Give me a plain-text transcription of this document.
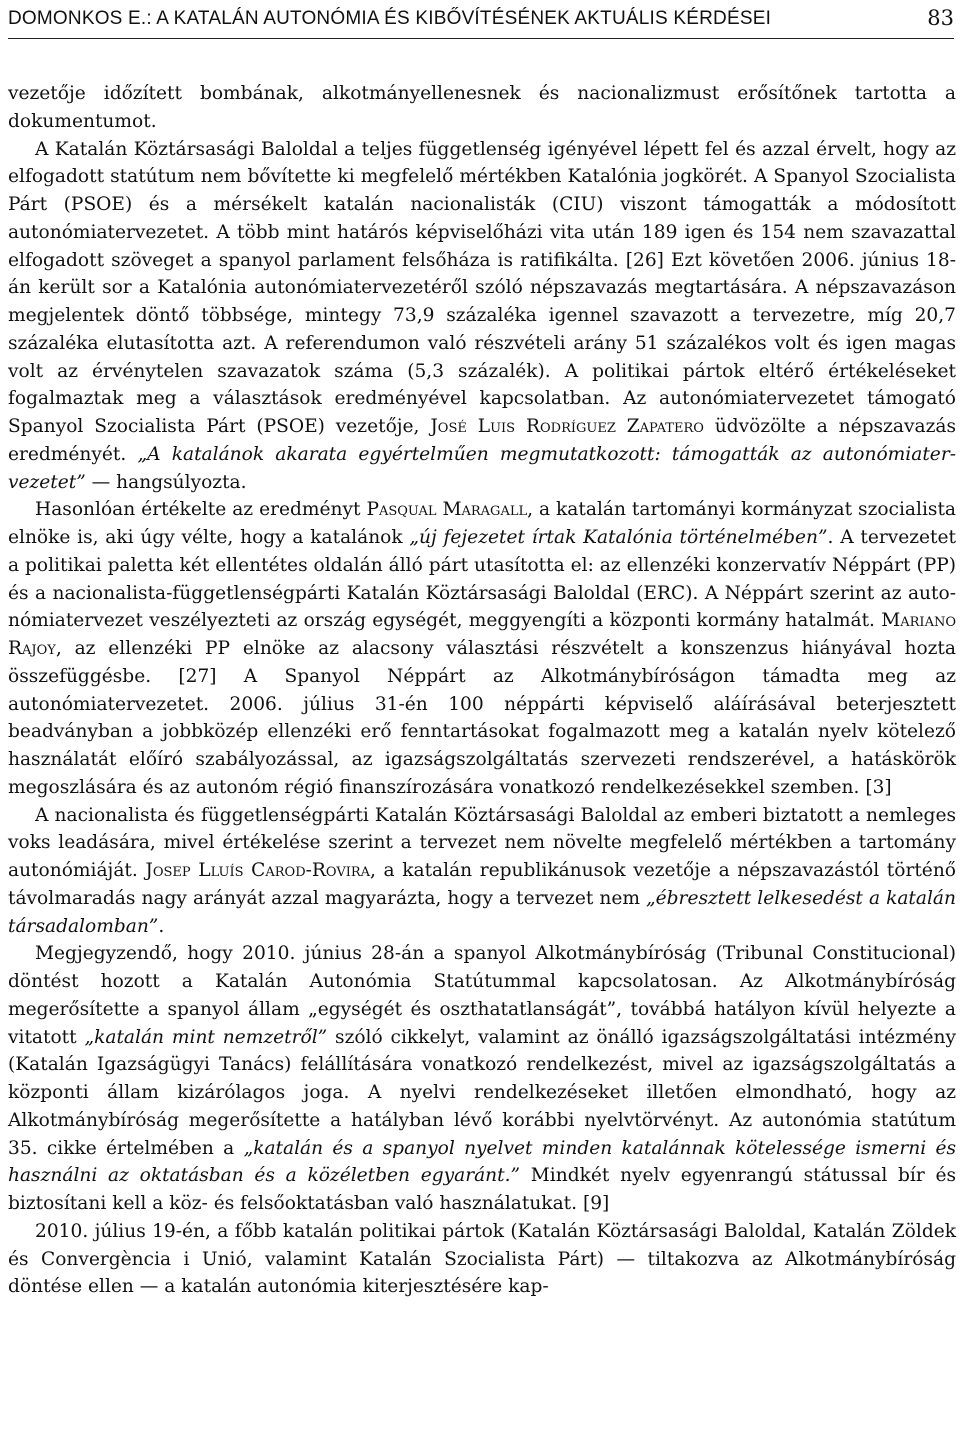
DOMONKOS E.: A KATALÁN AUTONÓMIA ÉS KIBŐVÍTÉSÉNEK AKTUÁLIS KÉRDÉSEI	83

vezetője időzített bombának, alkotmányellenesnek és nacionalizmust erősítőnek tartotta a dokumentumot.

A Katalán Köztársasági Baloldal a teljes függetlenség igényével lépett fel és azzal érvelt, hogy az elfogadott statútum nem bővítette ki megfelelő mértékben Katalónia jogkörét. A Spanyol Szocialista Párt (PSOE) és a mérsékelt katalán nacionalisták (CIU) viszont támogatták a módosított autonómiatervezetet. A több mint határós képviselőházi vita után 189 igen és 154 nem szavazattal elfogadott szöveget a spanyol parlament felsőháza is ratifikálta. [26] Ezt követően 2006. június 18-án került sor a Katalónia autonómiatervezetéről szóló népszavazás megtartására. A népszavazáson megjelentek döntő többsége, mintegy 73,9 százaléka igennel szavazott a tervezetre, míg 20,7 százaléka elutasította azt. A referendumon való részvételi arány 51 százalékos volt és igen magas volt az érvénytelen szavazatok száma (5,3 százalék). A politikai pártok eltérő értékeléseket fogalmaztak meg a választások eredményével kapcsolatban. Az autonómiatervezetet támogató Spanyol Szocialista Párt (PSOE) vezetője, José Luis Rodríguez Zapatero üdvözölte a népszavazás eredményét. „A katalánok akarata egyértelműen megmutatkozott: támogatták az autonómiatervezetet” — hangsúlyozta.

Hasonlóan értékelte az eredményt Pasqual Maragall, a katalán tartományi kormányzat szocialista elnöke is, aki úgy vélte, hogy a katalánok „új fejezetet írtak Katalónia történelmében”. A tervezetet a politikai paletta két ellentétes oldalán álló párt utasította el: az ellenzéki konzervatív Néppárt (PP) és a nacionalista-függetlenségpárti Katalán Köztársasági Baloldal (ERC). A Néppárt szerint az autonómiatervezet veszélyezteti az ország egységét, meggyengíti a központi kormány hatalmát. Mariano Rajoy, az ellenzéki PP elnöke az alacsony választási részvételt a konszenzus hiányával hozta összefüggésbe. [27] A Spanyol Néppárt az Alkotmánybíróságon támadta meg az autonómiatervezetet. 2006. július 31-én 100 néppárti képviselő aláírásával beterjesztett beadványban a jobbközép ellenzéki erő fenntartásokat fogalmazott meg a katalán nyelv kötelező használatát előíró szabályozással, az igazságszolgáltatás szervezeti rendszerével, a hatáskörök megoszlására és az autonóm régió finanszírozására vonatkozó rendelkezésekkel szemben. [3]

A nacionalista és függetlenségpárti Katalán Köztársasági Baloldal az emberi biztatott a nemleges voks leadására, mivel értékelése szerint a tervezet nem növelte megfelelő mértékben a tartomány autonómiáját. Josep Lluís Carod-Rovira, a katalán republikánusok vezetője a népszavazástól történő távolmaradás nagy arányát azzal magyarázta, hogy a tervezet nem „ébresztett lelkesedést a katalán társadalomban”.

Megjegyzendő, hogy 2010. június 28-án a spanyol Alkotmánybíróság (Tribunal Constitucional) döntést hozott a Katalán Autonómia Statútummal kapcsolatosan. Az Alkotmánybíróság megerősítette a spanyol állam „egységét és oszthatatlanságát”, továbbá hatályon kívül helyezte a vitatott „katalán mint nemzetről” szóló cikkelyt, valamint az önálló igazságszolgáltatási intézmény (Katalán Igazságügyi Tanács) felállítására vonatkozó rendelkezést, mivel az igazságszolgáltatás a központi állam kizárólagos joga. A nyelvi rendelkezéseket illetően elmondható, hogy az Alkotmánybíróság megerősítette a hatályban lévő korábbi nyelvtörvényt. Az autonómia statútum 35. cikke értelmében a „katalán és a spanyol nyelvet minden katalánnak kötelessége ismerni és használni az oktatásban és a közéletben egyaránt.” Mindkét nyelv egyenrangú státussal bír és biztosítani kell a köz- és felsőoktatásban való használatukat. [9]

2010. július 19-én, a főbb katalán politikai pártok (Katalán Köztársasági Baloldal, Katalán Zöldek és Convergència i Unió, valamint Katalán Szocialista Párt) — tiltakozva az Alkotmánybíróság döntése ellen — a katalán autonómia kiterjesztésére kap-
